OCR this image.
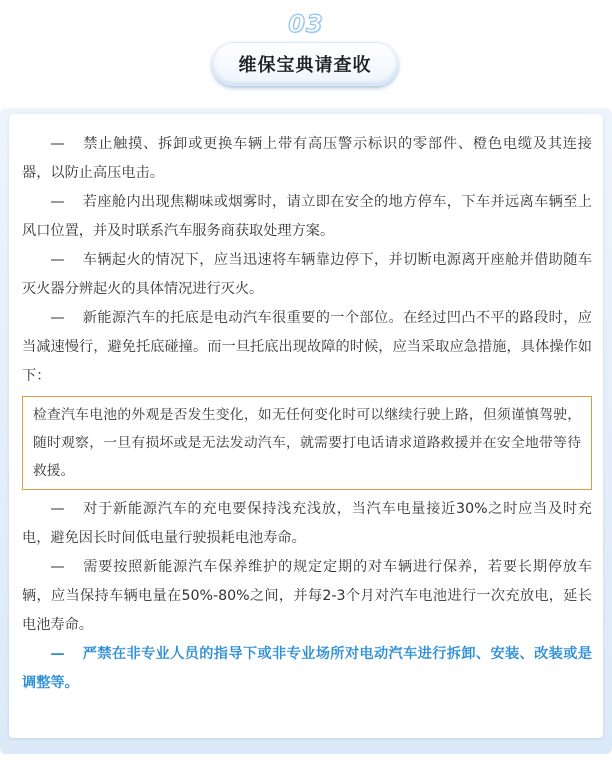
03
维保宝典请查收

— 禁止触摸、拆卸或更换车辆上带有高压警示标识的零部件、橙色电缆及其连接器，以防止高压电击。

— 若座舱内出现焦糊味或烟雾时，请立即在安全的地方停车，下车并远离车辆至上风口位置，并及时联系汽车服务商获取处理方案。

— 车辆起火的情况下，应当迅速将车辆靠边停下，并切断电源离开座舱并借助随车灭火器分辨起火的具体情况进行灭火。

— 新能源汽车的托底是电动汽车很重要的一个部位。在经过凹凸不平的路段时，应当减速慢行，避免托底碰撞。而一旦托底出现故障的时候，应当采取应急措施，具体操作如下：

检查汽车电池的外观是否发生变化，如无任何变化时可以继续行驶上路，但须谨慎驾驶，随时观察，一旦有损坏或是无法发动汽车，就需要打电话请求道路救援并在安全地带等待救援。

— 对于新能源汽车的充电要保持浅充浅放，当汽车电量接近30%之时应当及时充电，避免因长时间低电量行驶损耗电池寿命。

— 需要按照新能源汽车保养维护的规定定期的对车辆进行保养，若要长期停放车辆，应当保持车辆电量在50%-80%之间，并每2-3个月对汽车电池进行一次充放电，延长电池寿命。

— 严禁在非专业人员的指导下或非专业场所对电动汽车进行拆卸、安装、改装或是调整等。
